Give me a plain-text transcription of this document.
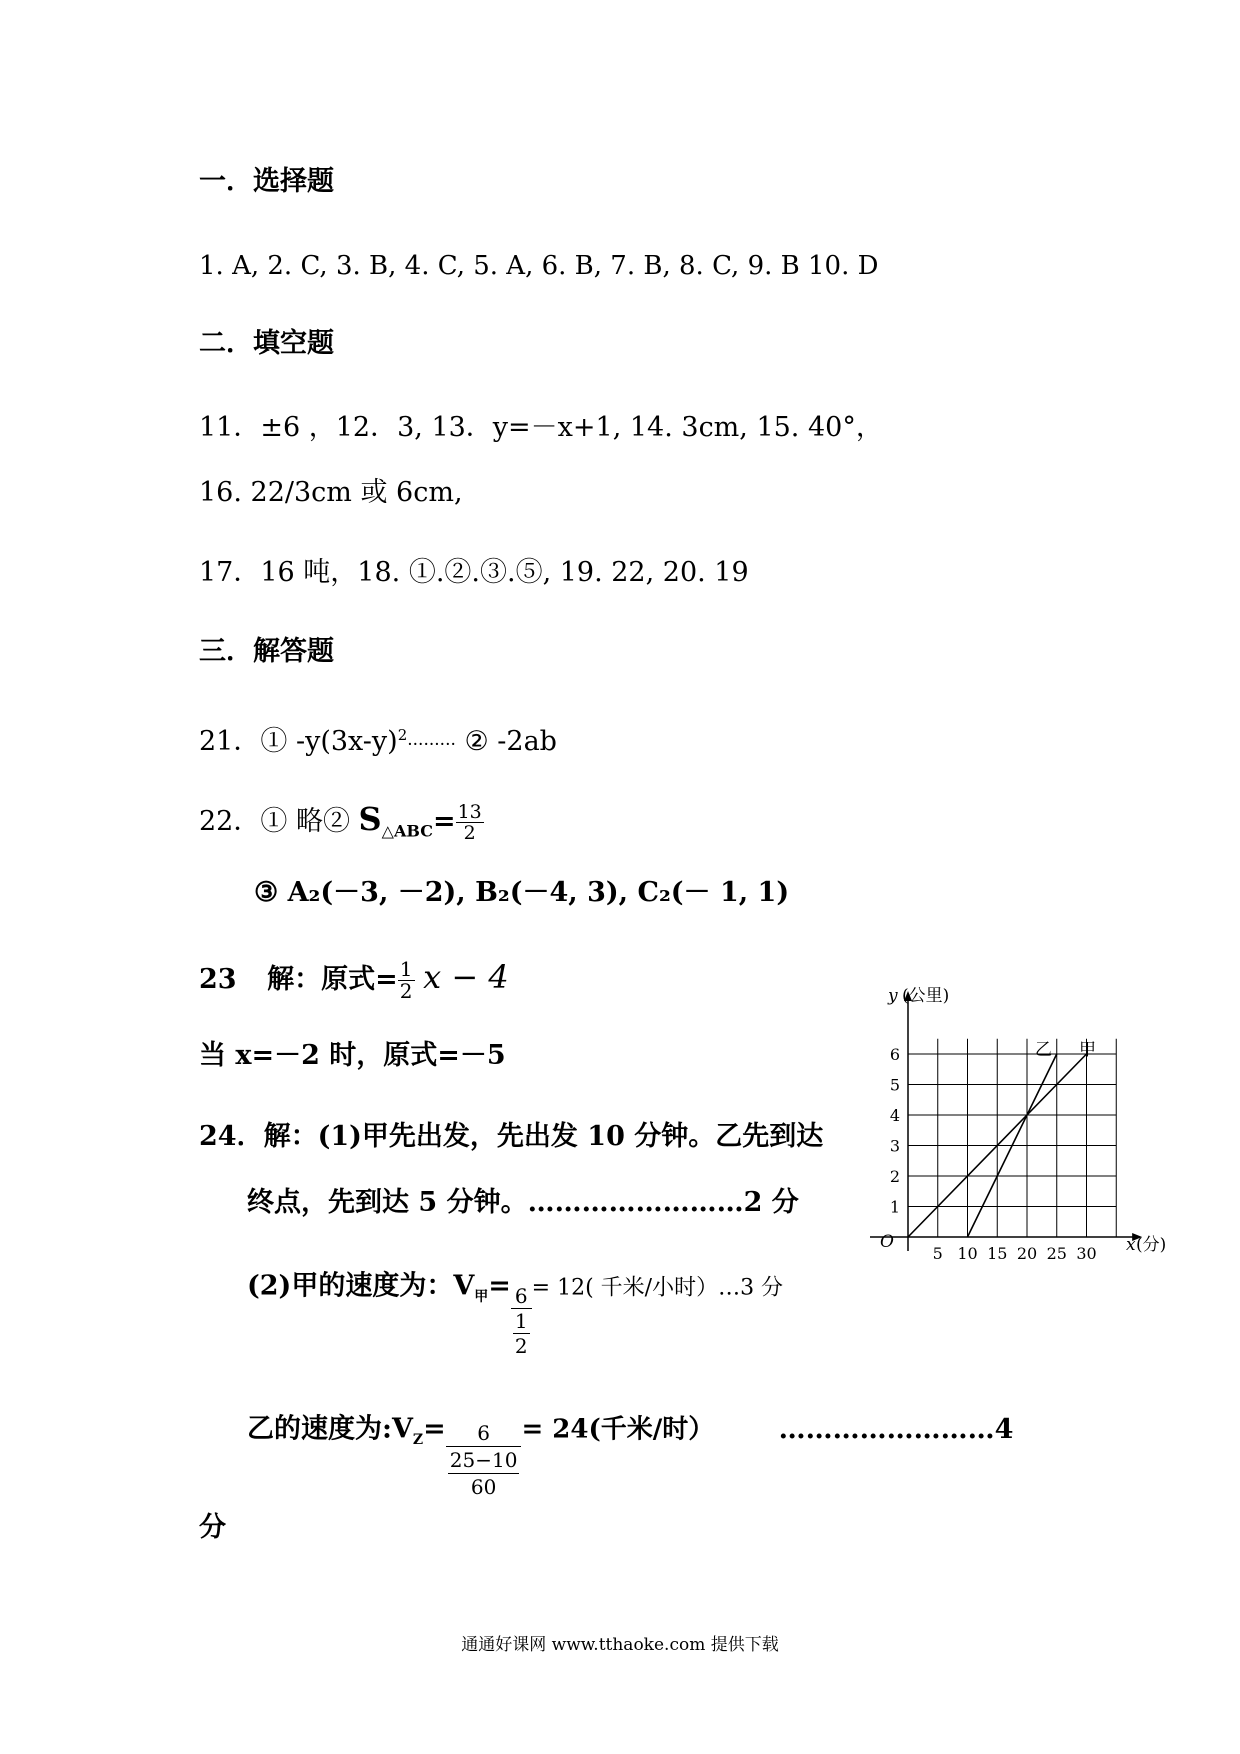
一．选择题
1. A, 2. C, 3. B, 4. C, 5. A, 6. B, 7. B, 8. C, 9. B 10. D
二．填空题
11．±6 ，12．3, 13．y=－x+1, 14. 3cm, 15. 40°，
16. 22/3cm 或 6cm,
17．16 吨，18. ①.②.③.⑤, 19. 22, 20. 19
三．解答题
21．① $-y(3x-y)^2\cdot\cdot\cdot\cdot\cdot\cdot\cdot\cdot\cdot$ ② -2ab
22．① 略② $S_{\triangle ABC}= \frac{13}{2}$
③ A₂(－3, －2), B₂(－4, 3), C₂(－ 1, 1)
23 解：原式= $\frac{1}{2}$ x − 4
当 x=－2 时，原式=－5
24．解：(1)甲先出发，先出发 10 分钟。乙先到达
终点，先到达 5 分钟。……………………2 分
(2)甲的速度为：$V_甲= \frac{6}{\frac{1}{2}} = 12$( 千米/小时）…3 分
乙的速度为$:V_Z= \frac{6}{\frac{25-10}{60}} = 24$(千米/时） ……………………4
分
5 10 15 20 25 30
1
2
3
4
5
6
y (公里)
x (分)
O
甲
乙
通通好课网 www.tthaoke.com 提供下载
